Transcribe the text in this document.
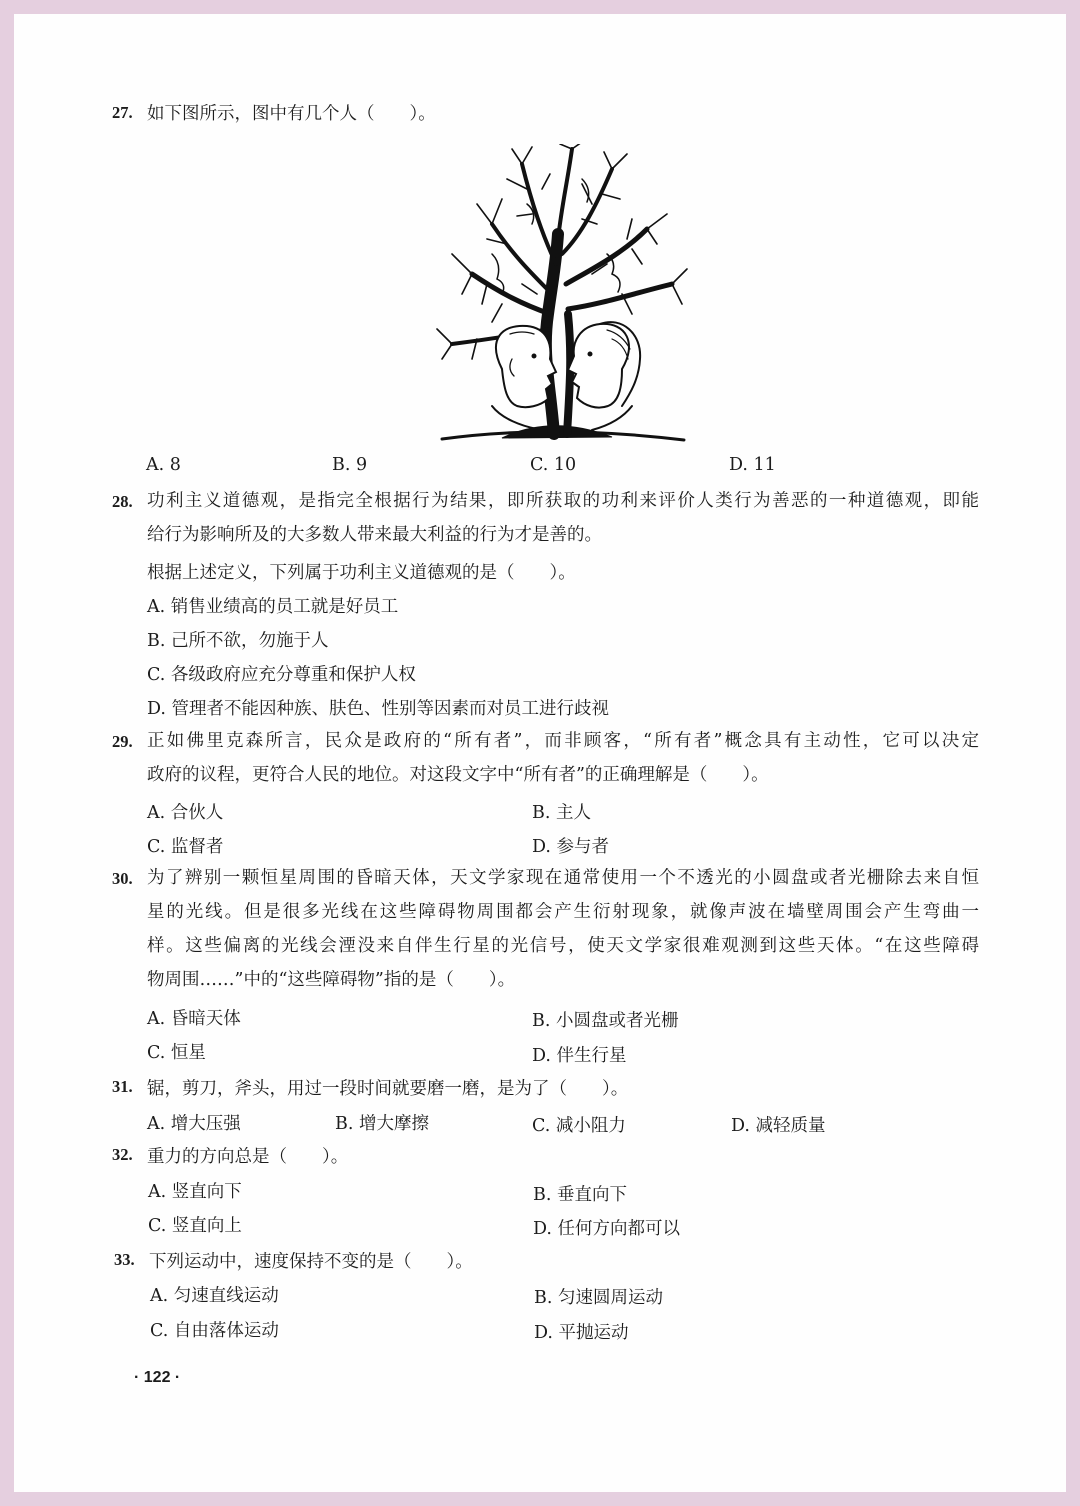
27. 如下图所示，图中有几个人（　　）。
A. 8	B. 9	C. 10	D. 11
28. 功利主义道德观，是指完全根据行为结果，即所获取的功利来评价人类行为善恶的一种道德观，即能
给行为影响所及的大多数人带来最大利益的行为才是善的。
根据上述定义，下列属于功利主义道德观的是（　　）。
A. 销售业绩高的员工就是好员工
B. 己所不欲，勿施于人
C. 各级政府应充分尊重和保护人权
D. 管理者不能因种族、肤色、性别等因素而对员工进行歧视
29. 正如佛里克森所言，民众是政府的“所有者”，而非顾客，“所有者”概念具有主动性，它可以决定
政府的议程，更符合人民的地位。对这段文字中“所有者”的正确理解是（　　）。
A. 合伙人	B. 主人
C. 监督者	D. 参与者
30. 为了辨别一颗恒星周围的昏暗天体，天文学家现在通常使用一个不透光的小圆盘或者光栅除去来自恒
星的光线。但是很多光线在这些障碍物周围都会产生衍射现象，就像声波在墙壁周围会产生弯曲一
样。这些偏离的光线会湮没来自伴生行星的光信号，使天文学家很难观测到这些天体。“在这些障碍
物周围……”中的“这些障碍物”指的是（　　）。
A. 昏暗天体	B. 小圆盘或者光栅
C. 恒星	D. 伴生行星
31. 锯，剪刀，斧头，用过一段时间就要磨一磨，是为了（　　）。
A. 增大压强	B. 增大摩擦	C. 减小阻力	D. 减轻质量
32. 重力的方向总是（　　）。
A. 竖直向下	B. 垂直向下
C. 竖直向上	D. 任何方向都可以
33. 下列运动中，速度保持不变的是（　　）。
A. 匀速直线运动	B. 匀速圆周运动
C. 自由落体运动	D. 平抛运动
· 122 ·
